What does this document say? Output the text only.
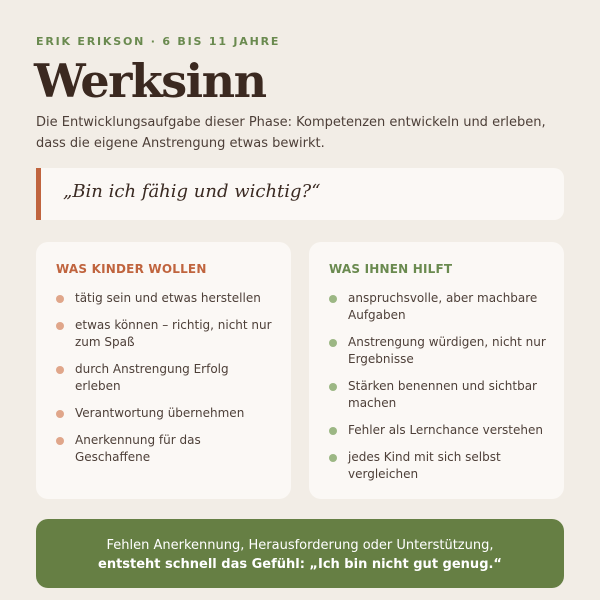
ERIK ERIKSON · 6 BIS 11 JAHRE
Werksinn
Die Entwicklungsaufgabe dieser Phase: Kompetenzen entwickeln und erleben, dass die eigene Anstrengung etwas bewirkt.
„Bin ich fähig und wichtig?“
WAS KINDER WOLLEN
tätig sein und etwas herstellen
etwas können – richtig, nicht nur zum Spaß
durch Anstrengung Erfolg erleben
Verantwortung übernehmen
Anerkennung für das Geschaffene
WAS IHNEN HILFT
anspruchsvolle, aber machbare Aufgaben
Anstrengung würdigen, nicht nur Ergebnisse
Stärken benennen und sichtbar machen
Fehler als Lernchance verstehen
jedes Kind mit sich selbst vergleichen
Fehlen Anerkennung, Herausforderung oder Unterstützung,
entsteht schnell das Gefühl: „Ich bin nicht gut genug.“
